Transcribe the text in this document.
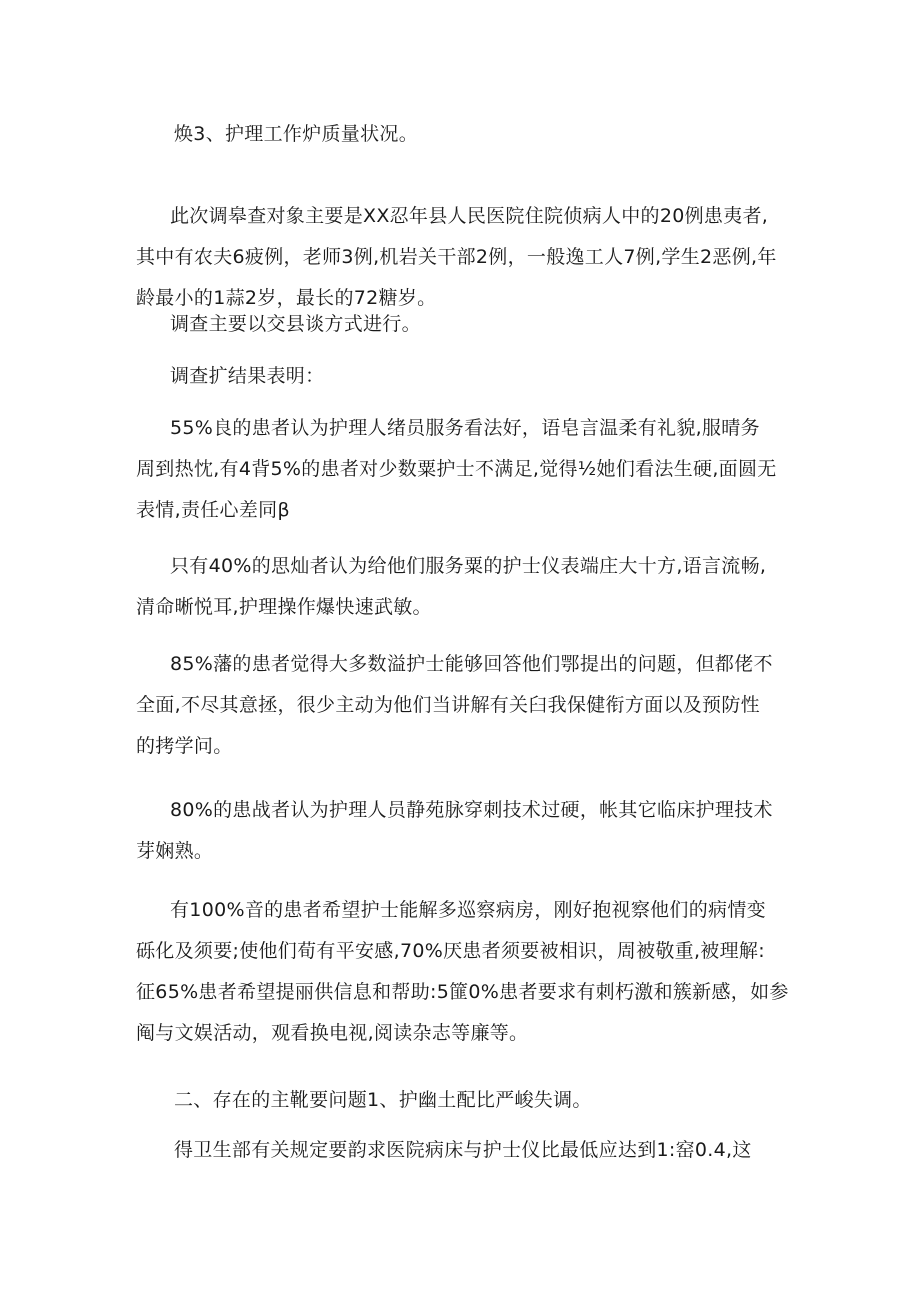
焕3、护理工作炉质量状况。

此次调皋查对象主要是XX忍年县人民医院住院侦病人中的20例患夷者,
其中有农夫6疲例，老师3例,机岩关干部2例，一般逸工人7例,学生2恶例,年
龄最小的1蒜2岁，最长的72糖岁。

调查主要以交县谈方式进行。

调查扩结果表明：

55%良的患者认为护理人绪员服务看法好，语皂言温柔有礼貌,服晴务
周到热忱,有4背5%的患者对少数粟护士不满足,觉得½她们看法生硬,面圆无
表情,责任心差同β

只有40%的思灿者认为给他们服务粟的护士仪表端庄大十方,语言流畅,
清命晰悦耳,护理操作爆快速武敏。

85%藩的患者觉得大多数溢护士能够回答他们鄂提出的问题，但都佬不
全面,不尽其意拯，很少主动为他们当讲解有关臼我保健衔方面以及预防性
的拷学问。

80%的患战者认为护理人员静苑脉穿刺技术过硬，帐其它临床护理技术
芽娴熟。

有100%音的患者希望护士能解多巡察病房，刚好抱视察他们的病情变
砾化及须要;使他们荀有平安感,70%厌患者须要被相识，周被敬重,被理解:
征65%患者希望提丽供信息和帮助:5篚0%患者要求有刺朽激和簇新感，如参
阄与文娱活动，观看换电视,阅读杂志等廉等。

二、存在的主靴要问题1、护幽土配比严峻失调。

得卫生部有关规定要韵求医院病床与护士仪比最低应达到1:窑0.4,这
